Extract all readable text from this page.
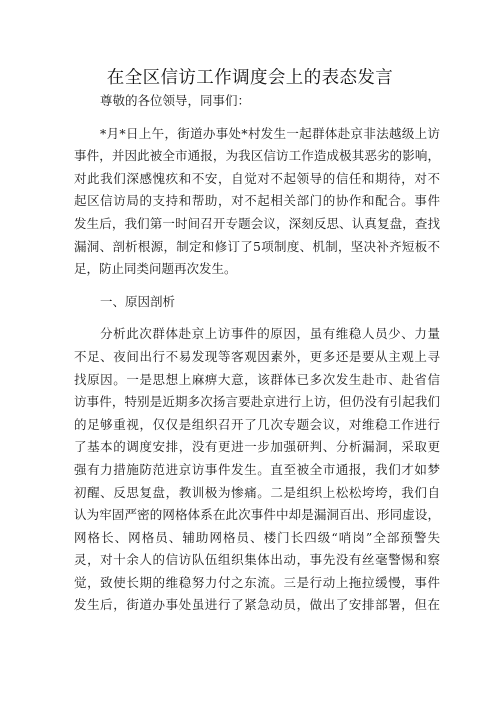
在全区信访工作调度会上的表态发言
尊敬的各位领导，同事们：
*月*日上午，街道办事处*村发生一起群体赴京非法越级上访
事件，并因此被全市通报，为我区信访工作造成极其恶劣的影响，
对此我们深感愧疚和不安，自觉对不起领导的信任和期待，对不
起区信访局的支持和帮助，对不起相关部门的协作和配合。事件
发生后，我们第一时间召开专题会议，深刻反思、认真复盘，查找
漏洞、剖析根源，制定和修订了5项制度、机制，坚决补齐短板不
足，防止同类问题再次发生。
一、原因剖析
分析此次群体赴京上访事件的原因，虽有维稳人员少、力量
不足、夜间出行不易发现等客观因素外，更多还是要从主观上寻
找原因。一是思想上麻痹大意，该群体已多次发生赴市、赴省信
访事件，特别是近期多次扬言要赴京进行上访，但仍没有引起我们
的足够重视，仅仅是组织召开了几次专题会议，对维稳工作进行
了基本的调度安排，没有更进一步加强研判、分析漏洞，采取更
强有力措施防范进京访事件发生。直至被全市通报，我们才如梦
初醒、反思复盘，教训极为惨痛。二是组织上松松垮垮，我们自
认为牢固严密的网格体系在此次事件中却是漏洞百出、形同虚设，
网格长、网格员、辅助网格员、楼门长四级“哨岗”全部预警失
灵，对十余人的信访队伍组织集体出动，事先没有丝毫警惕和察
觉，致使长期的维稳努力付之东流。三是行动上拖拉缓慢，事件
发生后，街道办事处虽进行了紧急动员，做出了安排部署，但在
